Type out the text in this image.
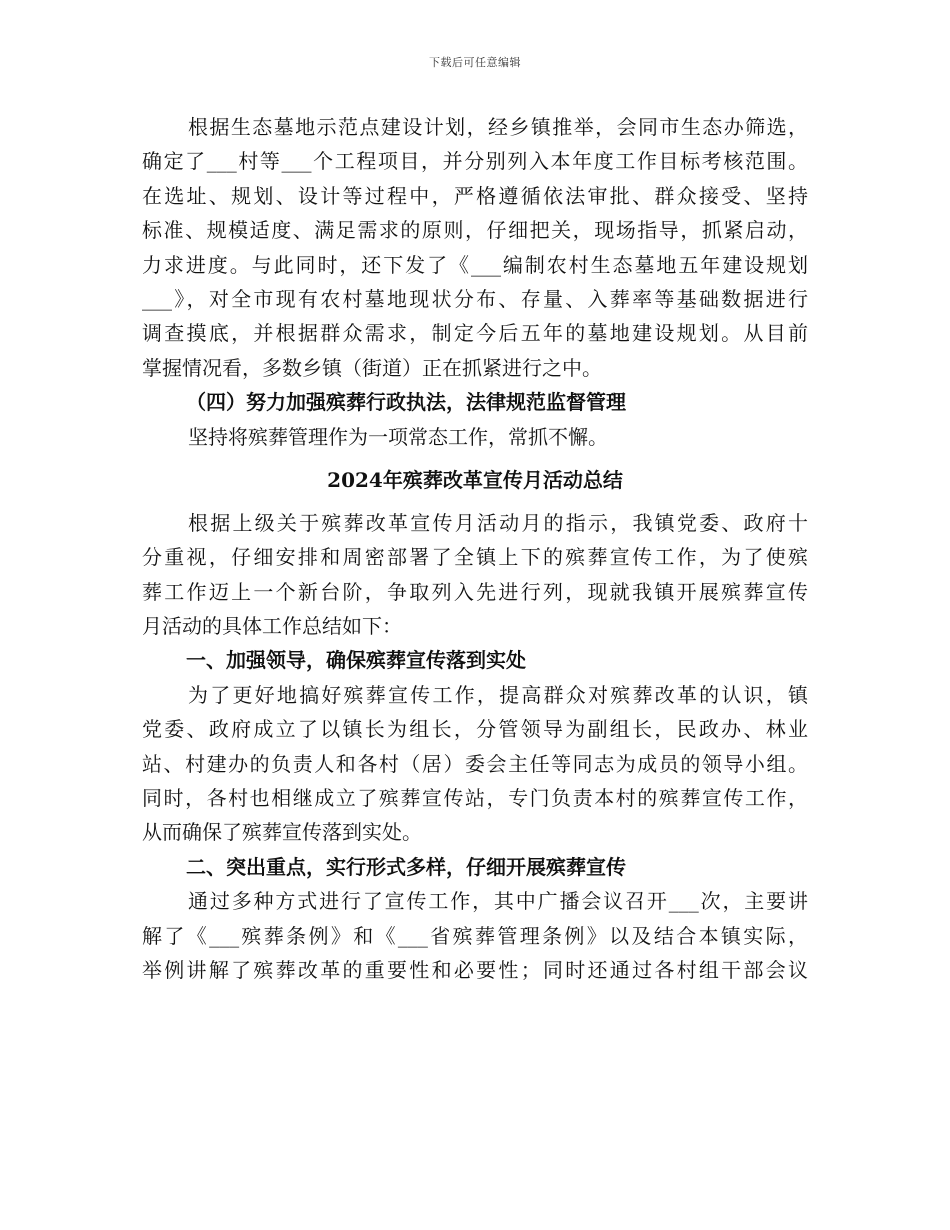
下载后可任意编辑
根据生态墓地示范点建设计划，经乡镇推举，会同市生态办筛选，
确定了___村等___个工程项目，并分别列入本年度工作目标考核范围。
在选址、规划、设计等过程中，严格遵循依法审批、群众接受、坚持
标准、规模适度、满足需求的原则，仔细把关，现场指导，抓紧启动，
力求进度。与此同时，还下发了《___编制农村生态墓地五年建设规划
___》，对全市现有农村墓地现状分布、存量、入葬率等基础数据进行
调查摸底，并根据群众需求，制定今后五年的墓地建设规划。从目前
掌握情况看，多数乡镇（街道）正在抓紧进行之中。
（四）努力加强殡葬行政执法，法律规范监督管理
坚持将殡葬管理作为一项常态工作，常抓不懈。
2024年殡葬改革宣传月活动总结
根据上级关于殡葬改革宣传月活动月的指示，我镇党委、政府十
分重视，仔细安排和周密部署了全镇上下的殡葬宣传工作，为了使殡
葬工作迈上一个新台阶，争取列入先进行列，现就我镇开展殡葬宣传
月活动的具体工作总结如下：
一、加强领导，确保殡葬宣传落到实处
为了更好地搞好殡葬宣传工作，提高群众对殡葬改革的认识，镇
党委、政府成立了以镇长为组长，分管领导为副组长，民政办、林业
站、村建办的负责人和各村（居）委会主任等同志为成员的领导小组。
同时，各村也相继成立了殡葬宣传站，专门负责本村的殡葬宣传工作，
从而确保了殡葬宣传落到实处。
二、突出重点，实行形式多样，仔细开展殡葬宣传
通过多种方式进行了宣传工作，其中广播会议召开___次，主要讲
解了《___殡葬条例》和《___省殡葬管理条例》以及结合本镇实际，
举例讲解了殡葬改革的重要性和必要性；同时还通过各村组干部会议
